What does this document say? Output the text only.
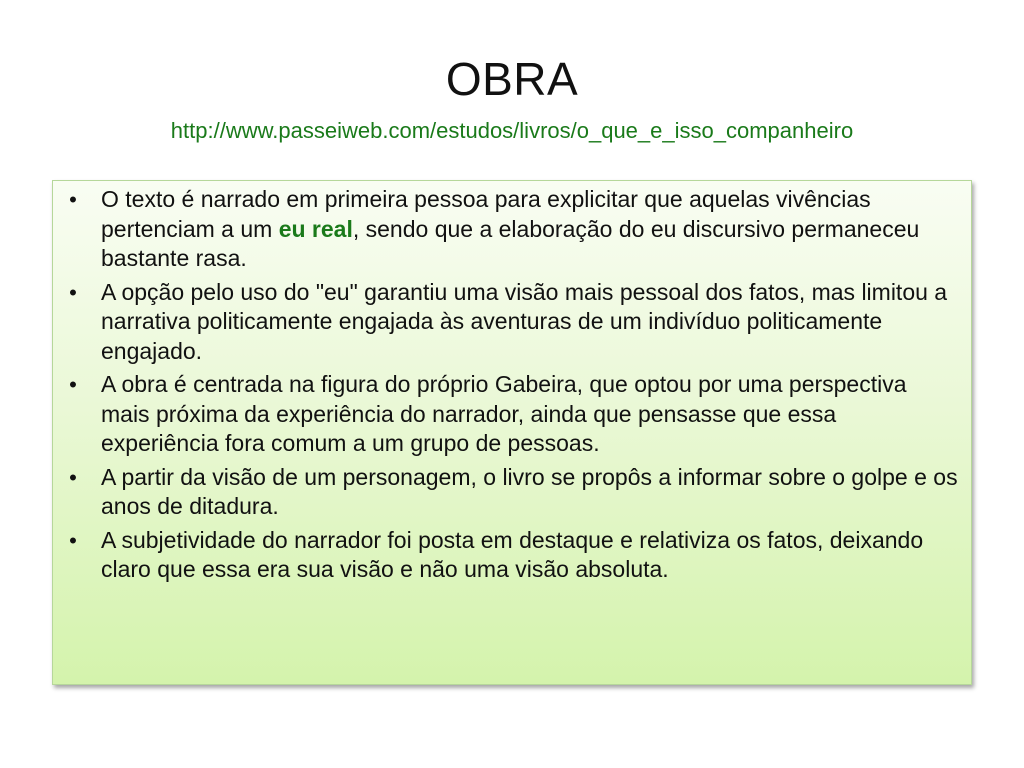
OBRA
http://www.passeiweb.com/estudos/livros/o_que_e_isso_companheiro
•	O texto é narrado em primeira pessoa para explicitar que aquelas vivências pertenciam a um eu real, sendo que a elaboração do eu discursivo permaneceu bastante rasa.
•	A opção pelo uso do "eu" garantiu uma visão mais pessoal dos fatos, mas limitou a narrativa politicamente engajada às aventuras de um indivíduo politicamente engajado.
•	A obra é centrada na figura do próprio Gabeira, que optou por uma perspectiva mais próxima da experiência do narrador, ainda que pensasse que essa experiência fora comum a um grupo de pessoas.
•	A partir da visão de um personagem, o livro se propôs a informar sobre o golpe e os anos de ditadura.
•	A subjetividade do narrador foi posta em destaque e relativiza os fatos, deixando claro que essa era sua visão e não uma visão absoluta.
